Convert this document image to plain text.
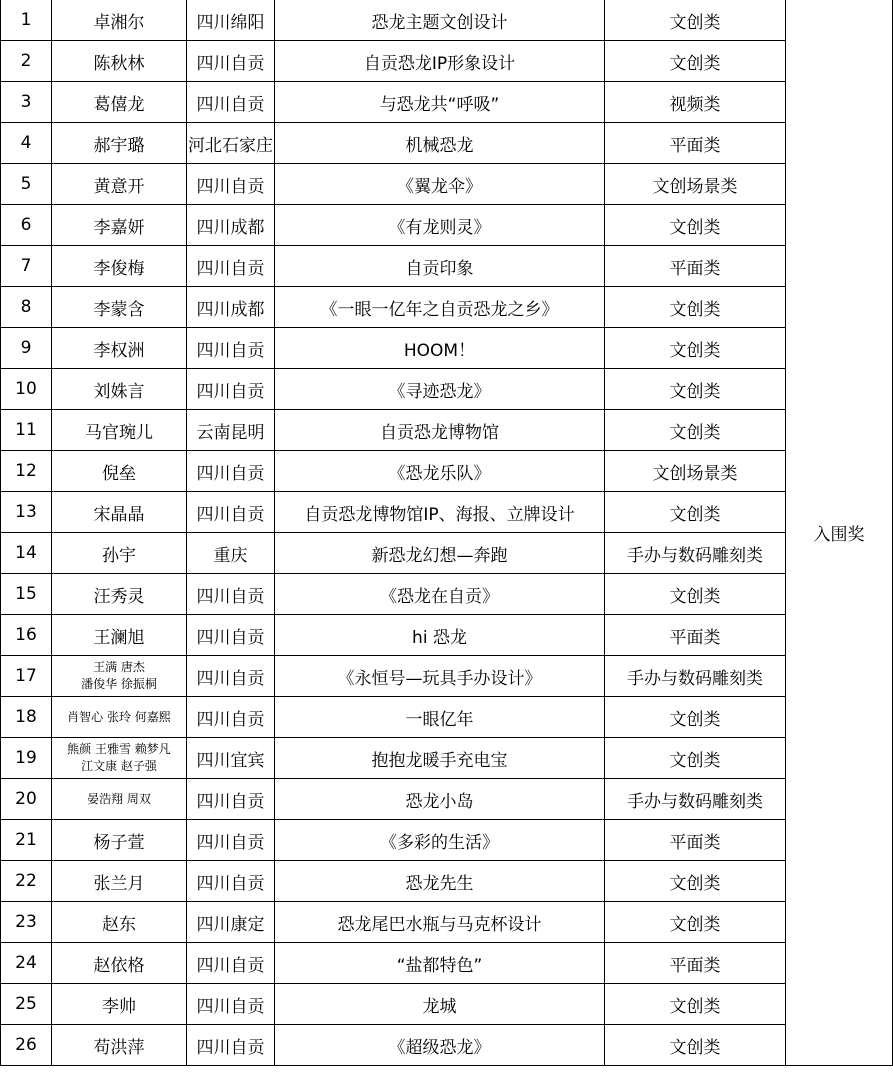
1	卓湘尔	四川绵阳	恐龙主题文创设计	文创类	入围奖
2	陈秋林	四川自贡	自贡恐龙IP形象设计	文创类	
3	葛僖龙	四川自贡	与恐龙共“呼吸”	视频类	
4	郝宇璐	河北石家庄	机械恐龙	平面类	
5	黄意开	四川自贡	《翼龙伞》	文创场景类	
6	李嘉妍	四川成都	《有龙则灵》	文创类	
7	李俊梅	四川自贡	自贡印象	平面类	
8	李蒙含	四川成都	《一眼一亿年之自贡恐龙之乡》	文创类	
9	李权洲	四川自贡	HOOM！	文创类	
10	刘姝言	四川自贡	《寻迹恐龙》	文创类	
11	马官琬儿	云南昆明	自贡恐龙博物馆	文创类	
12	倪垒	四川自贡	《恐龙乐队》	文创场景类	
13	宋晶晶	四川自贡	自贡恐龙博物馆IP、海报、立牌设计	文创类	
14	孙宇	重庆	新恐龙幻想—奔跑	手办与数码雕刻类	
15	汪秀灵	四川自贡	《恐龙在自贡》	文创类	
16	王澜旭	四川自贡	hi 恐龙	平面类	
17	王满 唐杰
潘俊华 徐振桐	四川自贡	《永恒号—玩具手办设计》	手办与数码雕刻类	
18	肖智心 张玲 何嘉熙	四川自贡	一眼亿年	文创类	
19	熊颜 王雅雪 赖梦凡
江文康 赵子强	四川宜宾	抱抱龙暖手充电宝	文创类	
20	晏浩翔 周双	四川自贡	恐龙小岛	手办与数码雕刻类	
21	杨子萱	四川自贡	《多彩的生活》	平面类	
22	张兰月	四川自贡	恐龙先生	文创类	
23	赵东	四川康定	恐龙尾巴水瓶与马克杯设计	文创类	
24	赵依格	四川自贡	“盐都特色”	平面类	
25	李帅	四川自贡	龙城	文创类	
26	苟洪萍	四川自贡	《超级恐龙》	文创类	
